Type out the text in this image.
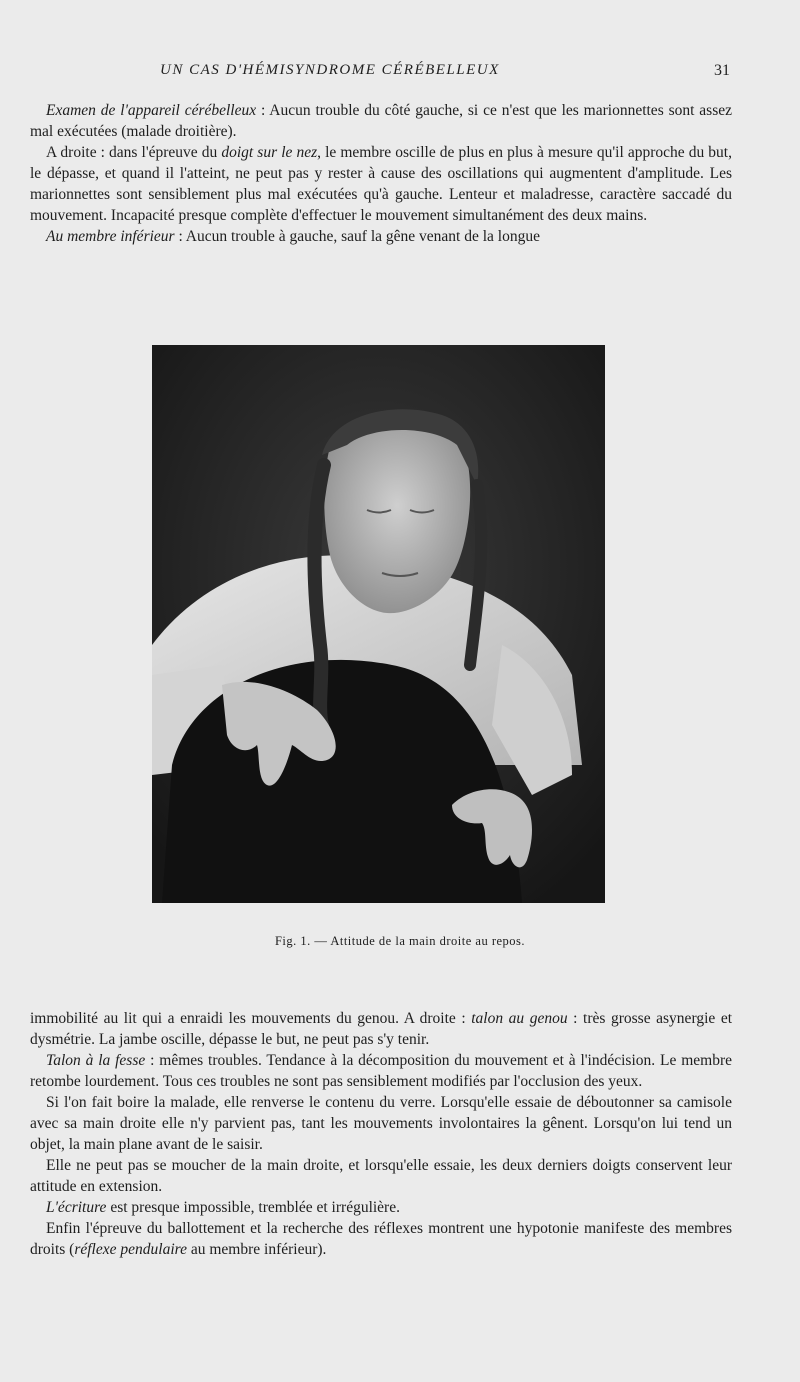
UN CAS D'HÉMISYNDROME CÉRÉBELLEUX	31

Examen de l'appareil cérébelleux : Aucun trouble du côté gauche, si ce n'est que les marionnettes sont assez mal exécutées (malade droitière).

A droite : dans l'épreuve du doigt sur le nez, le membre oscille de plus en plus à mesure qu'il approche du but, le dépasse, et quand il l'atteint, ne peut pas y rester à cause des oscillations qui augmentent d'amplitude. Les marionnettes sont sensiblement plus mal exécutées qu'à gauche. Lenteur et maladresse, caractère saccadé du mouvement. Incapacité presque complète d'effectuer le mouvement simultanément des deux mains.

Au membre inférieur : Aucun trouble à gauche, sauf la gêne venant de la longue

Fig. 1. — Attitude de la main droite au repos.

immobilité au lit qui a enraidi les mouvements du genou. A droite : talon au genou : très grosse asynergie et dysmétrie. La jambe oscille, dépasse le but, ne peut pas s'y tenir.

Talon à la fesse : mêmes troubles. Tendance à la décomposition du mouvement et à l'indécision. Le membre retombe lourdement. Tous ces troubles ne sont pas sensiblement modifiés par l'occlusion des yeux.

Si l'on fait boire la malade, elle renverse le contenu du verre. Lorsqu'elle essaie de déboutonner sa camisole avec sa main droite elle n'y parvient pas, tant les mouvements involontaires la gênent. Lorsqu'on lui tend un objet, la main plane avant de le saisir.

Elle ne peut pas se moucher de la main droite, et lorsqu'elle essaie, les deux derniers doigts conservent leur attitude en extension.

L'écriture est presque impossible, tremblée et irrégulière.

Enfin l'épreuve du ballottement et la recherche des réflexes montrent une hypotonie manifeste des membres droits (réflexe pendulaire au membre inférieur).
